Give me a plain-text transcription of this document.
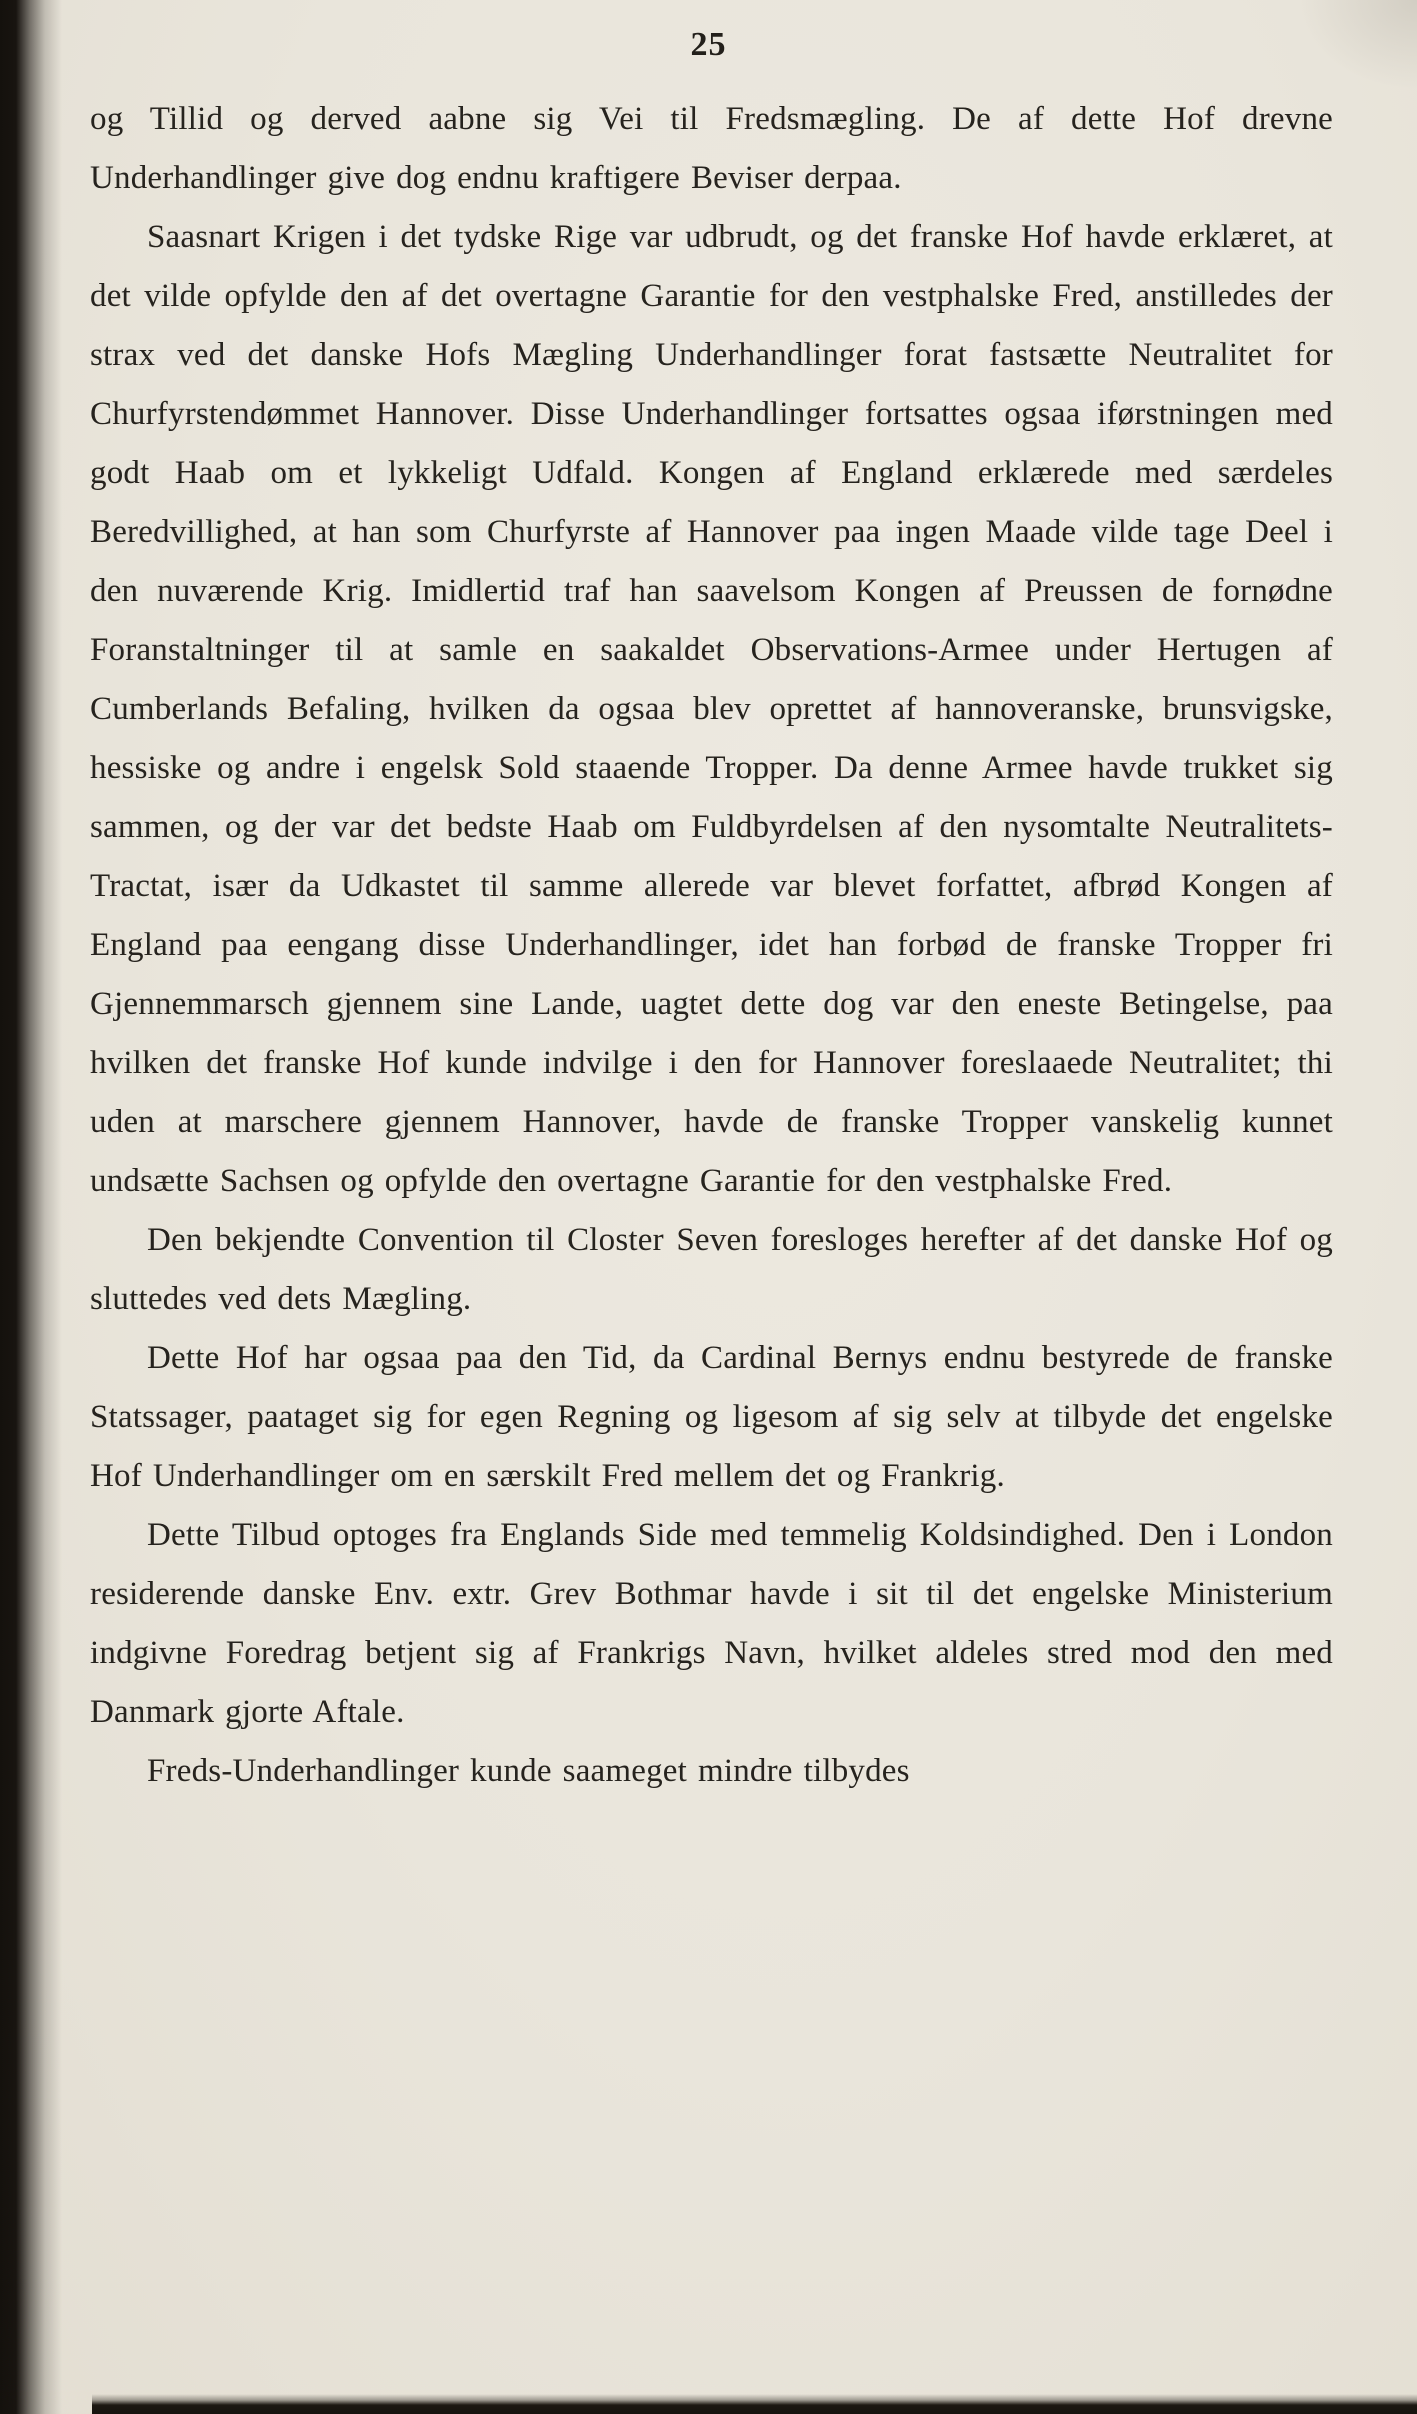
25

og Tillid og derved aabne sig Vei til Fredsmægling. De af dette Hof drevne Underhandlinger give dog endnu kraftigere Beviser derpaa.

Saasnart Krigen i det tydske Rige var udbrudt, og det franske Hof havde erklæret, at det vilde opfylde den af det overtagne Garantie for den vestphalske Fred, anstilledes der strax ved det danske Hofs Mægling Underhandlinger forat fastsætte Neutralitet for Churfyrstendømmet Hannover. Disse Underhandlinger fortsattes ogsaa iførstningen med godt Haab om et lykkeligt Udfald. Kongen af England erklærede med særdeles Beredvillighed, at han som Churfyrste af Hannover paa ingen Maade vilde tage Deel i den nuværende Krig. Imidlertid traf han saavelsom Kongen af Preussen de fornødne Foranstaltninger til at samle en saakaldet Observations-Armee under Hertugen af Cumberlands Befaling, hvilken da ogsaa blev oprettet af hannoveranske, brunsvigske, hessiske og andre i engelsk Sold staaende Tropper. Da denne Armee havde trukket sig sammen, og der var det bedste Haab om Fuldbyrdelsen af den nysomtalte Neutralitets-Tractat, især da Udkastet til samme allerede var blevet forfattet, afbrød Kongen af England paa eengang disse Underhandlinger, idet han forbød de franske Tropper fri Gjennemmarsch gjennem sine Lande, uagtet dette dog var den eneste Betingelse, paa hvilken det franske Hof kunde indvilge i den for Hannover foreslaaede Neutralitet; thi uden at marschere gjennem Hannover, havde de franske Tropper vanskelig kunnet undsætte Sachsen og opfylde den overtagne Garantie for den vestphalske Fred.

Den bekjendte Convention til Closter Seven foresloges herefter af det danske Hof og sluttedes ved dets Mægling.

Dette Hof har ogsaa paa den Tid, da Cardinal Bernys endnu bestyrede de franske Statssager, paataget sig for egen Regning og ligesom af sig selv at tilbyde det engelske Hof Underhandlinger om en særskilt Fred mellem det og Frankrig.

Dette Tilbud optoges fra Englands Side med temmelig Koldsindighed. Den i London residerende danske Env. extr. Grev Bothmar havde i sit til det engelske Ministerium indgivne Foredrag betjent sig af Frankrigs Navn, hvilket aldeles stred mod den med Danmark gjorte Aftale.

Freds-Underhandlinger kunde saameget mindre tilbydes
